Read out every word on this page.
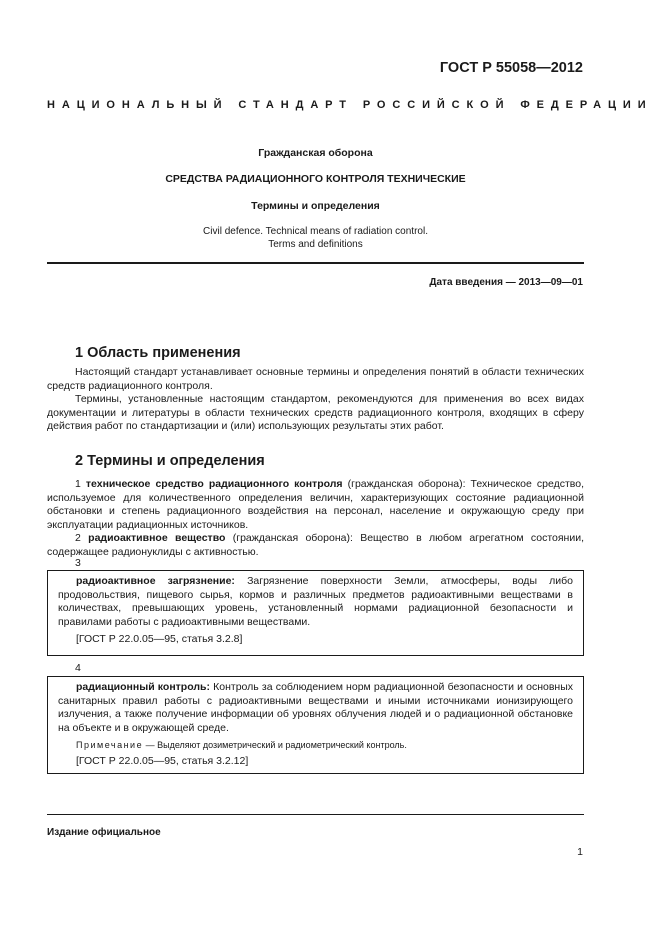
ГОСТ Р 55058—2012
НАЦИОНАЛЬНЫЙ СТАНДАРТ РОССИЙСКОЙ ФЕДЕРАЦИИ
Гражданская оборона
СРЕДСТВА РАДИАЦИОННОГО КОНТРОЛЯ ТЕХНИЧЕСКИЕ
Термины и определения
Civil defence. Technical means of radiation control.
Terms and definitions
Дата введения — 2013—09—01
1 Область применения

Настоящий стандарт устанавливает основные термины и определения понятий в области технических средств радиационного контроля.

Термины, установленные настоящим стандартом, рекомендуются для применения во всех видах документации и литературы в области технических средств радиационного контроля, входящих в сферу действия работ по стандартизации и (или) использующих результаты этих работ.

2 Термины и определения

1 техническое средство радиационного контроля (гражданская оборона): Техническое средство, используемое для количественного определения величин, характеризующих состояние радиационной обстановки и степень радиационного воздействия на персонал, население и окружающую среду при эксплуатации радиационных источников.

2 радиоактивное вещество (гражданская оборона): Вещество в любом агрегатном состоянии, содержащее радионуклиды с активностью.

3

радиоактивное загрязнение: Загрязнение поверхности Земли, атмосферы, воды либо продовольствия, пищевого сырья, кормов и различных предметов радиоактивными веществами в количествах, превышающих уровень, установленный нормами радиационной безопасности и правилами работы с радиоактивными веществами.

[ГОСТ Р 22.0.05—95, статья 3.2.8]
4

радиационный контроль: Контроль за соблюдением норм радиационной безопасности и основных санитарных правил работы с радиоактивными веществами и иными источниками ионизирующего излучения, а также получение информации об уровнях облучения людей и о радиационной обстановке на объекте и в окружающей среде.

Примечание — Выделяют дозиметрический и радиометрический контроль.
[ГОСТ Р 22.0.05—95, статья 3.2.12]
Издание официальное
1
